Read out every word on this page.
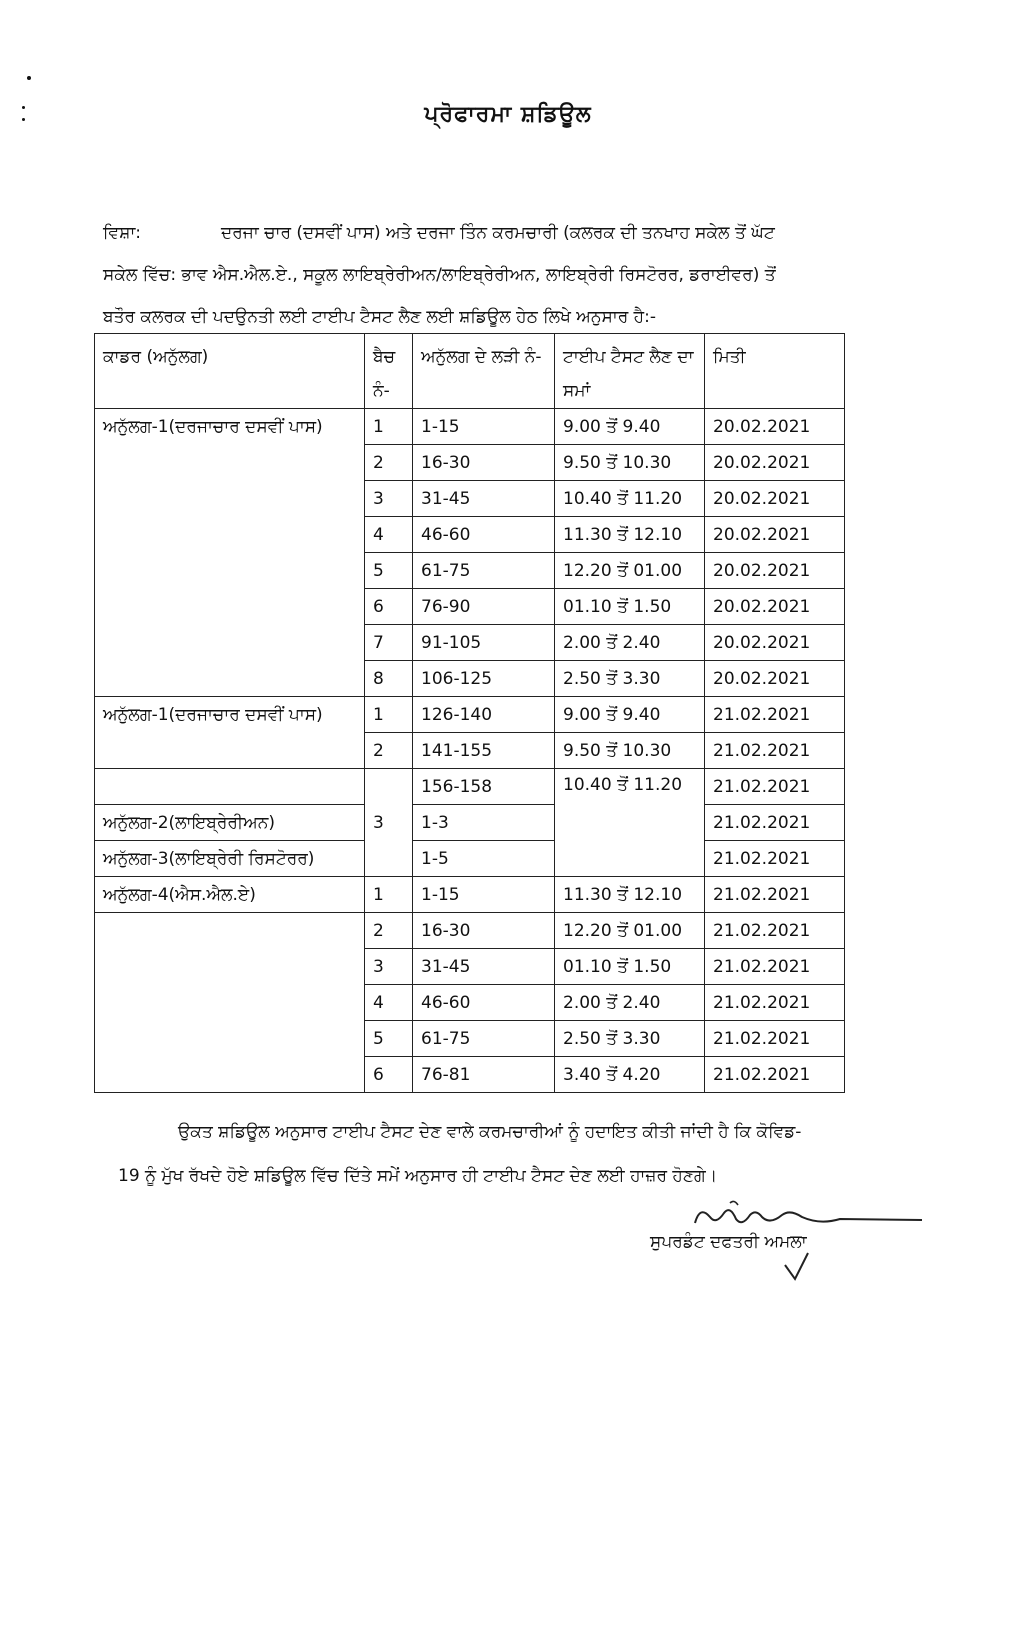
ਪ੍ਰੋਫਾਰਮਾ ਸ਼ਡਿਊਲ
ਵਿਸ਼ਾ:	ਦਰਜਾ ਚਾਰ (ਦਸਵੀਂ ਪਾਸ) ਅਤੇ ਦਰਜਾ ਤਿੰਨ ਕਰਮਚਾਰੀ (ਕਲਰਕ ਦੀ ਤਨਖਾਹ ਸਕੇਲ ਤੋਂ ਘੱਟ
ਸਕੇਲ ਵਿੱਚ: ਭਾਵ ਐਸ.ਐਲ.ਏ., ਸਕੂਲ ਲਾਇਬ੍ਰੇਰੀਅਨ/ਲਾਇਬ੍ਰੇਰੀਅਨ, ਲਾਇਬ੍ਰੇਰੀ ਰਿਸਟੋਰਰ, ਡਰਾਈਵਰ) ਤੋਂ
ਬਤੌਰ ਕਲਰਕ ਦੀ ਪਦਉਨਤੀ ਲਈ ਟਾਈਪ ਟੈਸਟ ਲੈਣ ਲਈ ਸ਼ਡਿਊਲ ਹੇਠ ਲਿਖੇ ਅਨੁਸਾਰ ਹੈ:-
ਕਾਡਰ (ਅਨੁੱਲਗ)	ਬੈਚ ਨੰ-	ਅਨੁੱਲਗ ਦੇ ਲੜੀ ਨੰ-	ਟਾਈਪ ਟੈਸਟ ਲੈਣ ਦਾ ਸਮਾਂ	ਮਿਤੀ
ਅਨੁੱਲਗ-1(ਦਰਜਾਚਾਰ ਦਸਵੀਂ ਪਾਸ)	1	1-15	9.00 ਤੋਂ 9.40	20.02.2021
	2	16-30	9.50 ਤੋਂ 10.30	20.02.2021
	3	31-45	10.40 ਤੋਂ 11.20	20.02.2021
	4	46-60	11.30 ਤੋਂ 12.10	20.02.2021
	5	61-75	12.20 ਤੋਂ 01.00	20.02.2021
	6	76-90	01.10 ਤੋਂ 1.50	20.02.2021
	7	91-105	2.00 ਤੋਂ 2.40	20.02.2021
	8	106-125	2.50 ਤੋਂ 3.30	20.02.2021
ਅਨੁੱਲਗ-1(ਦਰਜਾਚਾਰ ਦਸਵੀਂ ਪਾਸ)	1	126-140	9.00 ਤੋਂ 9.40	21.02.2021
	2	141-155	9.50 ਤੋਂ 10.30	21.02.2021
	3	156-158	10.40 ਤੋਂ 11.20	21.02.2021
ਅਨੁੱਲਗ-2(ਲਾਇਬ੍ਰੇਰੀਅਨ)		1-3		21.02.2021
ਅਨੁੱਲਗ-3(ਲਾਇਬ੍ਰੇਰੀ ਰਿਸਟੋਰਰ)		1-5		21.02.2021
ਅਨੁੱਲਗ-4(ਐਸ.ਐਲ.ਏ)	1	1-15	11.30 ਤੋਂ 12.10	21.02.2021
	2	16-30	12.20 ਤੋਂ 01.00	21.02.2021
	3	31-45	01.10 ਤੋਂ 1.50	21.02.2021
	4	46-60	2.00 ਤੋਂ 2.40	21.02.2021
	5	61-75	2.50 ਤੋਂ 3.30	21.02.2021
	6	76-81	3.40 ਤੋਂ 4.20	21.02.2021
ਉਕਤ ਸ਼ਡਿਊਲ ਅਨੁਸਾਰ ਟਾਈਪ ਟੈਸਟ ਦੇਣ ਵਾਲੇ ਕਰਮਚਾਰੀਆਂ ਨੂੰ ਹਦਾਇਤ ਕੀਤੀ ਜਾਂਦੀ ਹੈ ਕਿ ਕੋਵਿਡ-
19 ਨੂੰ ਮੁੱਖ ਰੱਖਦੇ ਹੋਏ ਸ਼ਡਿਊਲ ਵਿੱਚ ਦਿੱਤੇ ਸਮੇਂ ਅਨੁਸਾਰ ਹੀ ਟਾਈਪ ਟੈਸਟ ਦੇਣ ਲਈ ਹਾਜ਼ਰ ਹੋਣਗੇ।
ਸੁਪਰਡੰਟ ਦਫਤਰੀ ਅਮਲਾ
